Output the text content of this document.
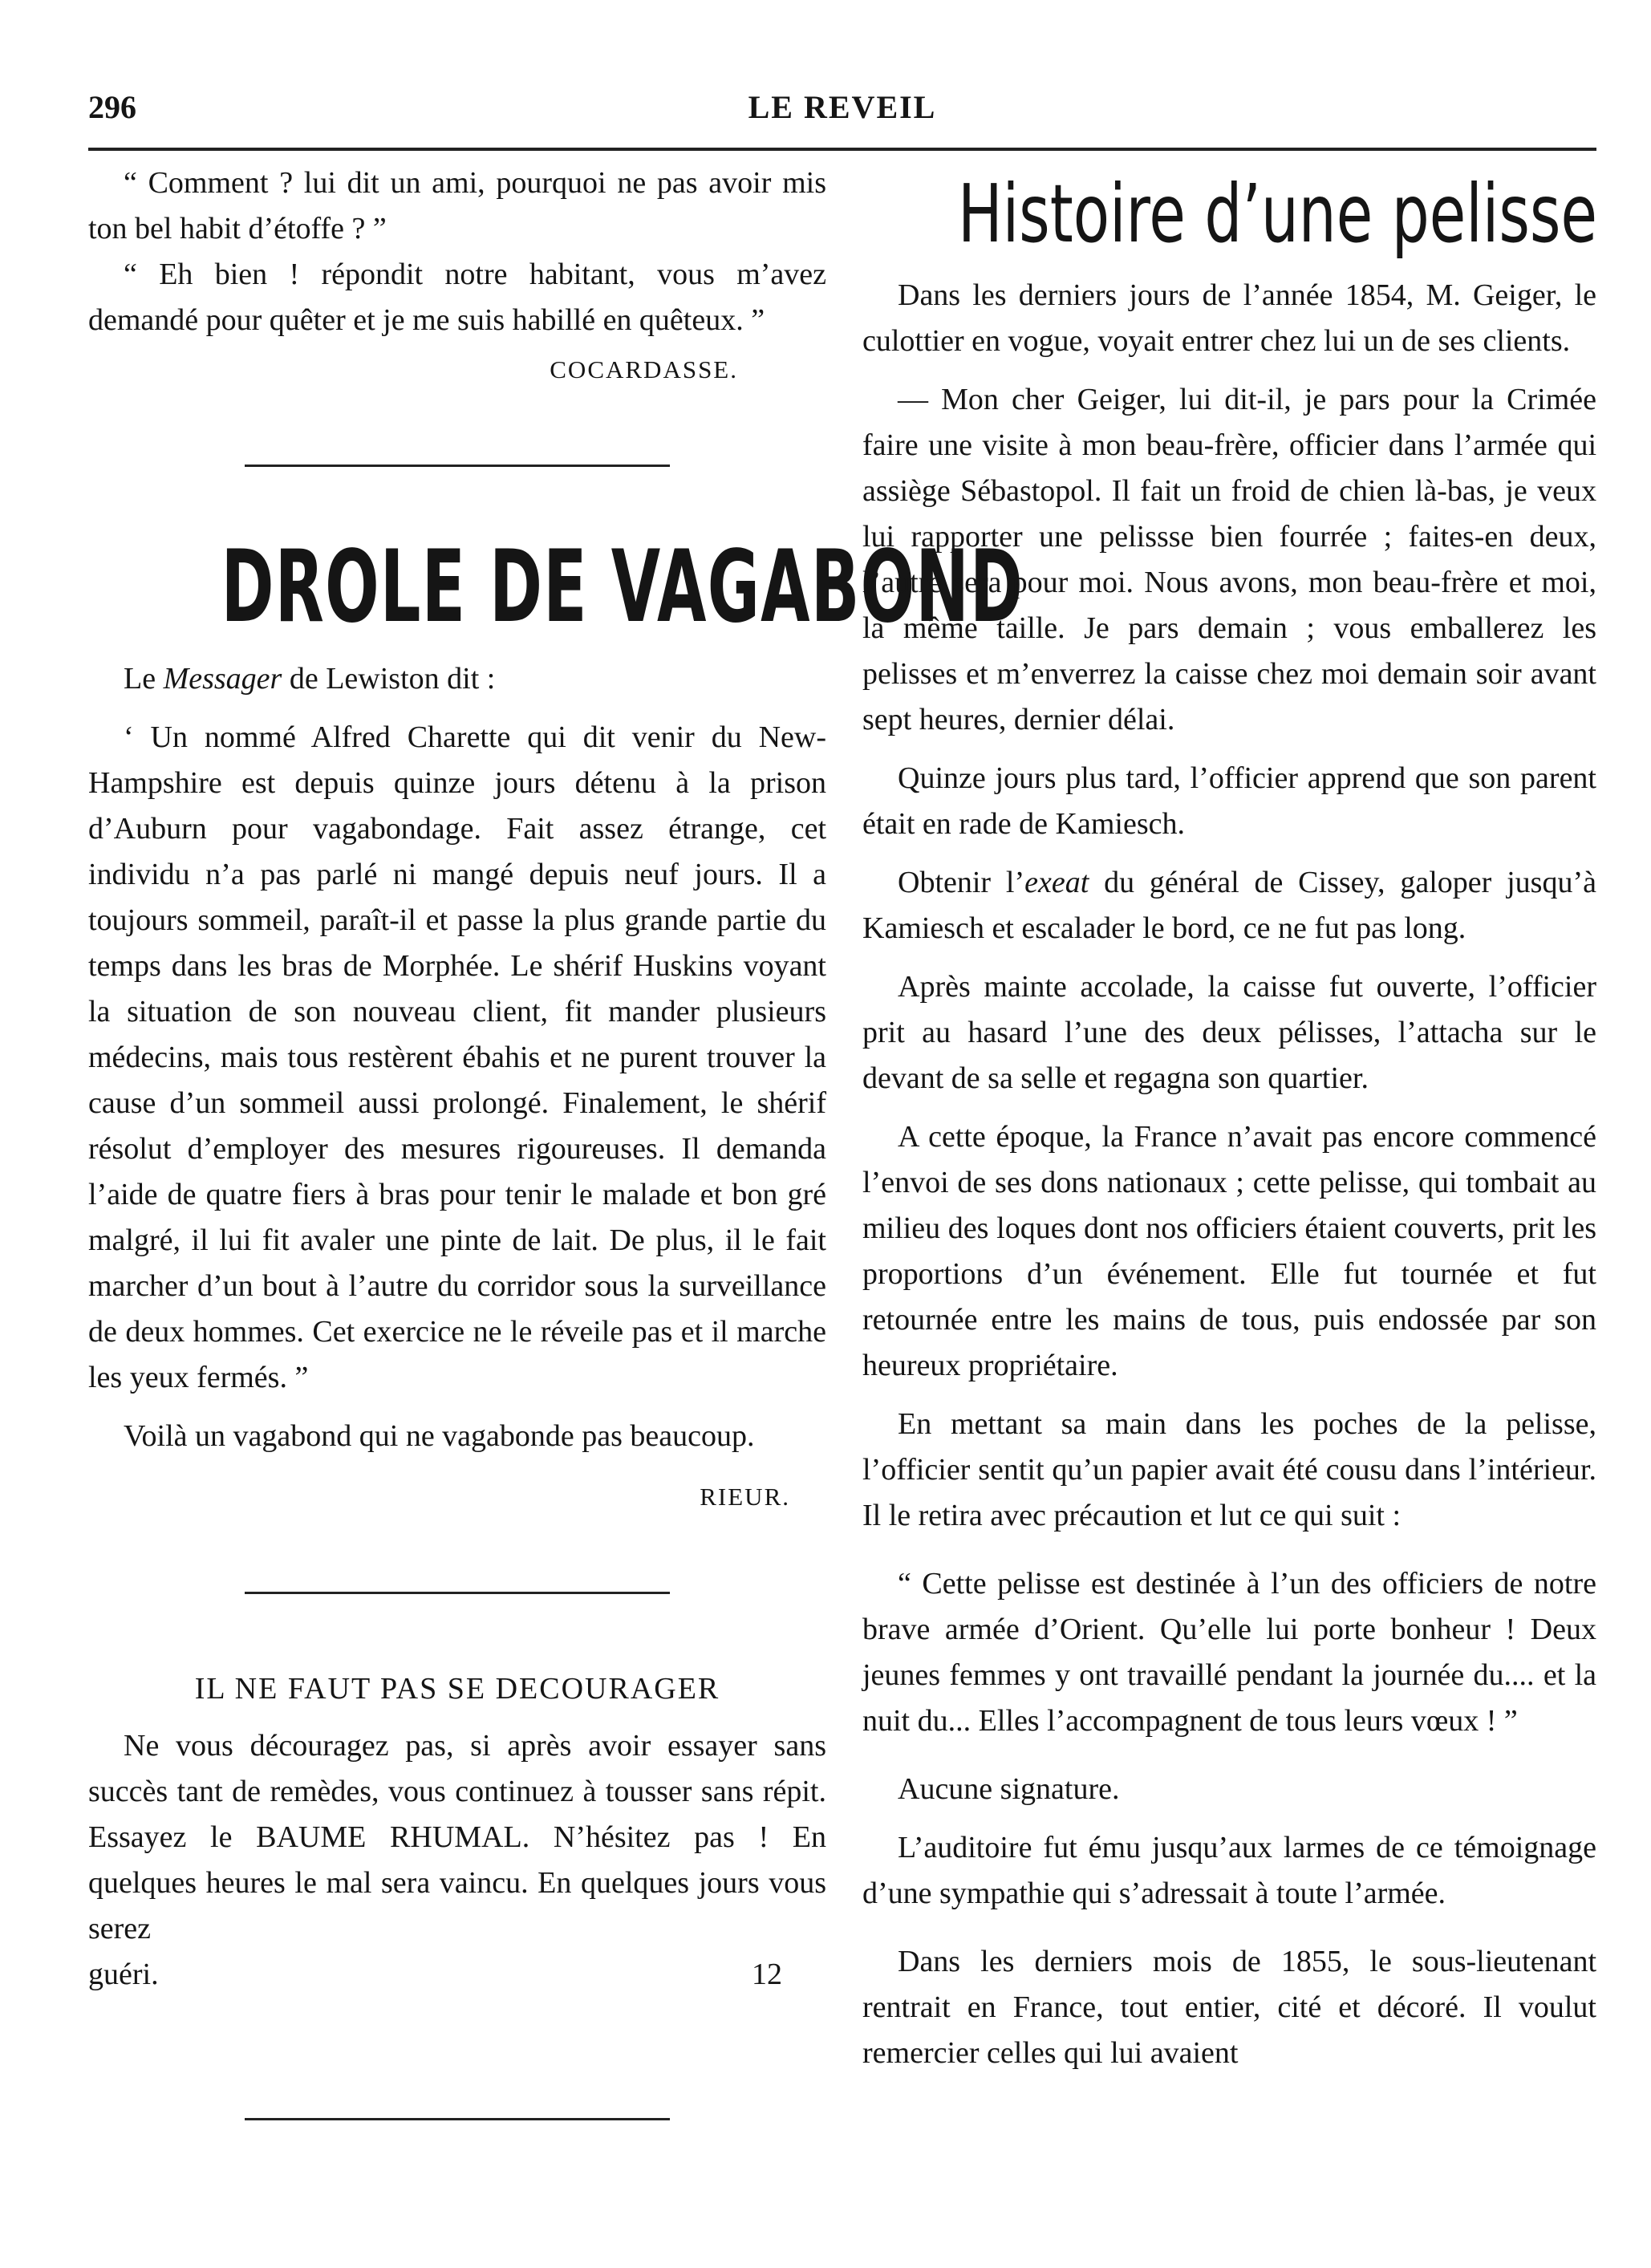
LE REVEIL
296

“ Comment ? lui dit un ami, pourquoi ne pas avoir mis ton bel habit d’étoffe ? ”

“ Eh bien ! répondit notre habitant, vous m’avez demandé pour quêter et je me suis habillé en quêteux. ”

COCARDASSE.
DROLE DE VAGABOND

Le Messager de Lewiston dit :

‘ Un nommé Alfred Charette qui dit venir du New-Hampshire est depuis quinze jours détenu à la prison d’Auburn pour vagabondage. Fait assez étrange, cet individu n’a pas parlé ni mangé depuis neuf jours. Il a toujours sommeil, paraît-il et passe la plus grande partie du temps dans les bras de Morphée. Le shérif Huskins voyant la situation de son nouveau client, fit mander plusieurs médecins, mais tous restèrent ébahis et ne purent trouver la cause d’un sommeil aussi prolongé. Finalement, le shérif résolut d’employer des mesures rigoureuses. Il demanda l’aide de quatre fiers à bras pour tenir le malade et bon gré malgré, il lui fit avaler une pinte de lait. De plus, il le fait marcher d’un bout à l’autre du corridor sous la surveillance de deux hommes. Cet exercice ne le réveile pas et il marche les yeux fermés. ”

Voilà un vagabond qui ne vagabonde pas beaucoup.

RIEUR.
IL NE FAUT PAS SE DECOURAGER

Ne vous découragez pas, si après avoir essayer sans succès tant de remèdes, vous continuez à tousser sans répit. Essayez le BAUME RHUMAL. N’hésitez pas ! En quelques heures le mal sera vaincu. En quelques jours vous serez

guéri.	12
Histoire d’une pelisse

Dans les derniers jours de l’année 1854, M. Geiger, le culottier en vogue, voyait entrer chez lui un de ses clients.

— Mon cher Geiger, lui dit-il, je pars pour la Crimée faire une visite à mon beau-frère, officier dans l’armée qui assiège Sébastopol. Il fait un froid de chien là-bas, je veux lui rapporter une pelissse bien fourrée ; faites-en deux, l’autre sera pour moi. Nous avons, mon beau-frère et moi, la même taille. Je pars demain ; vous emballerez les pelisses et m’enverrez la caisse chez moi demain soir avant sept heures, dernier délai.

Quinze jours plus tard, l’officier apprend que son parent était en rade de Kamiesch.

Obtenir l’exeat du général de Cissey, galoper jusqu’à Kamiesch et escalader le bord, ce ne fut pas long.

Après mainte accolade, la caisse fut ouverte, l’officier prit au hasard l’une des deux pélisses, l’attacha sur le devant de sa selle et regagna son quartier.

A cette époque, la France n’avait pas encore commencé l’envoi de ses dons nationaux ; cette pelisse, qui tombait au milieu des loques dont nos officiers étaient couverts, prit les proportions d’un événement. Elle fut tournée et fut retournée entre les mains de tous, puis endossée par son heureux propriétaire.

En mettant sa main dans les poches de la pelisse, l’officier sentit qu’un papier avait été cousu dans l’intérieur. Il le retira avec précaution et lut ce qui suit :

“ Cette pelisse est destinée à l’un des officiers de notre brave armée d’Orient. Qu’elle lui porte bonheur ! Deux jeunes femmes y ont travaillé pendant la journée du.... et la nuit du... Elles l’accompagnent de tous leurs vœux ! ”

Aucune signature.

L’auditoire fut ému jusqu’aux larmes de ce témoignage d’une sympathie qui s’adressait à toute l’armée.

Dans les derniers mois de 1855, le sous-lieutenant rentrait en France, tout entier, cité et décoré. Il voulut remercier celles qui lui avaient
